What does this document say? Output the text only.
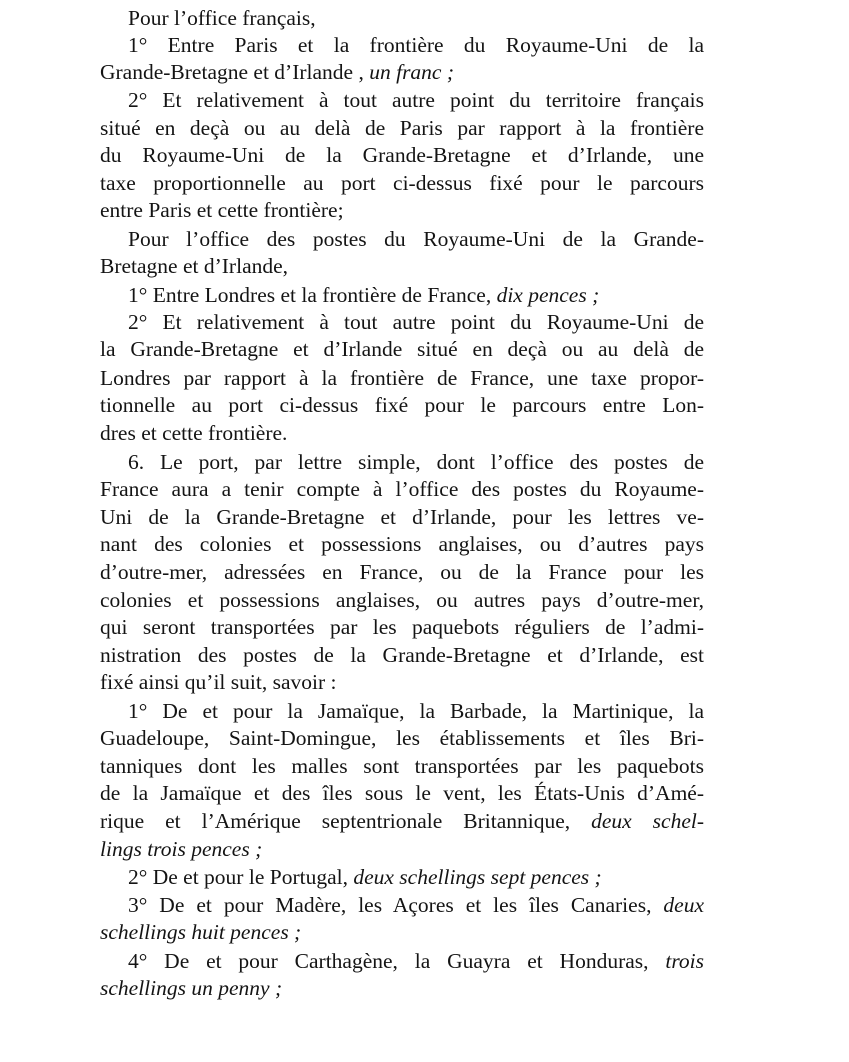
Pour l’office français,
1° Entre Paris et la frontière du Royaume-Uni de la
Grande-Bretagne et d’Irlande , un franc ;
2° Et relativement à tout autre point du territoire français
situé en deçà ou au delà de Paris par rapport à la frontière
du Royaume-Uni de la Grande-Bretagne et d’Irlande, une
taxe proportionnelle au port ci-dessus fixé pour le parcours
entre Paris et cette frontière;
Pour l’office des postes du Royaume-Uni de la Grande-
Bretagne et d’Irlande,
1° Entre Londres et la frontière de France, dix pences ;
2° Et relativement à tout autre point du Royaume-Uni de
la Grande-Bretagne et d’Irlande situé en deçà ou au delà de
Londres par rapport à la frontière de France, une taxe propor-
tionnelle au port ci-dessus fixé pour le parcours entre Lon-
dres et cette frontière.
6. Le port, par lettre simple, dont l’office des postes de
France aura a tenir compte à l’office des postes du Royaume-
Uni de la Grande-Bretagne et d’Irlande, pour les lettres ve-
nant des colonies et possessions anglaises, ou d’autres pays
d’outre-mer, adressées en France, ou de la France pour les
colonies et possessions anglaises, ou autres pays d’outre-mer,
qui seront transportées par les paquebots réguliers de l’admi-
nistration des postes de la Grande-Bretagne et d’Irlande, est
fixé ainsi qu’il suit, savoir :
1° De et pour la Jamaïque, la Barbade, la Martinique, la
Guadeloupe, Saint-Domingue, les établissements et îles Bri-
tanniques dont les malles sont transportées par les paquebots
de la Jamaïque et des îles sous le vent, les États-Unis d’Amé-
rique et l’Amérique septentrionale Britannique, deux schel-
lings trois pences ;
2° De et pour le Portugal, deux schellings sept pences ;
3° De et pour Madère, les Açores et les îles Canaries, deux
schellings huit pences ;
4° De et pour Carthagène, la Guayra et Honduras, trois
schellings un penny ;
